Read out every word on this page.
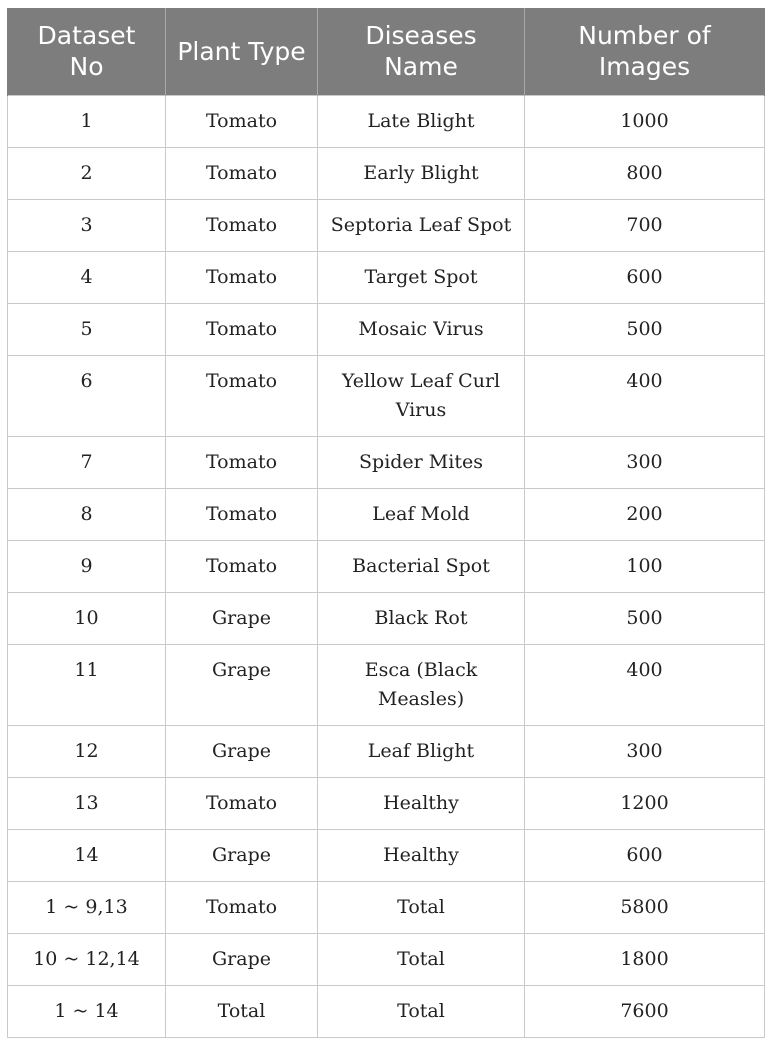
Dataset No	Plant Type	Diseases Name	Number of Images
1	Tomato	Late Blight	1000
2	Tomato	Early Blight	800
3	Tomato	Septoria Leaf Spot	700
4	Tomato	Target Spot	600
5	Tomato	Mosaic Virus	500
6	Tomato	Yellow Leaf Curl Virus	400
7	Tomato	Spider Mites	300
8	Tomato	Leaf Mold	200
9	Tomato	Bacterial Spot	100
10	Grape	Black Rot	500
11	Grape	Esca (Black Measles)	400
12	Grape	Leaf Blight	300
13	Tomato	Healthy	1200
14	Grape	Healthy	600
1 ~ 9,13	Tomato	Total	5800
10 ~ 12,14	Grape	Total	1800
1 ~ 14	Total	Total	7600
